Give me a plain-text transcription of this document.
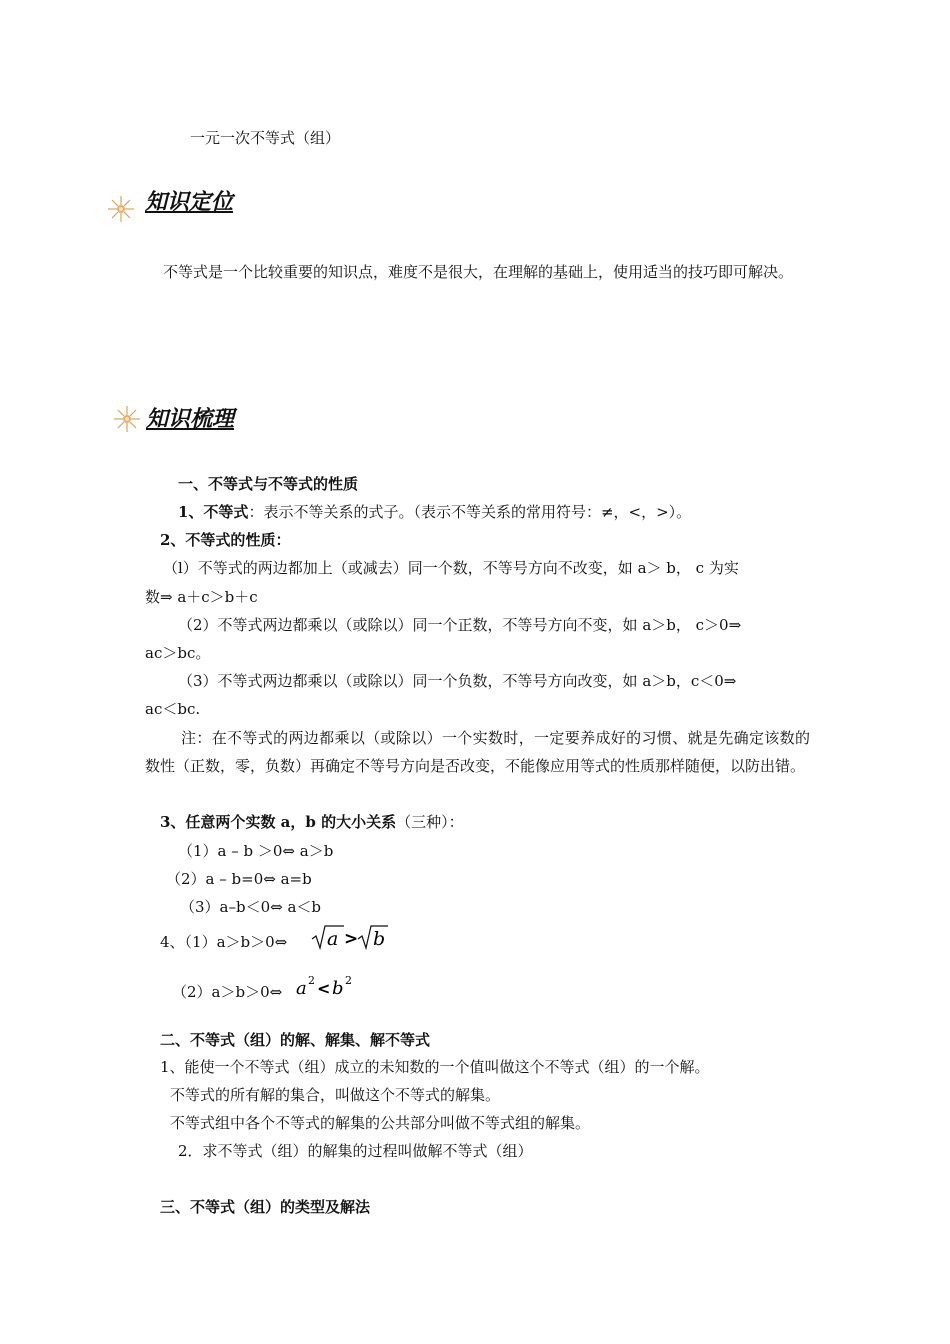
一元一次不等式（组）
知识定位
不等式是一个比较重要的知识点，难度不是很大，在理解的基础上，使用适当的技巧即可解决。
知识梳理
一、不等式与不等式的性质
1、不等式：表示不等关系的式子。（表示不等关系的常用符号：≠，<，>）。
2、不等式的性质：
（l）不等式的两边都加上（或减去）同一个数，不等号方向不改变，如 a＞ b， c 为实
数⇒ a＋c＞b＋c
（2）不等式两边都乘以（或除以）同一个正数，不等号方向不变，如 a＞b， c＞0⇒
ac＞bc。
（3）不等式两边都乘以（或除以）同一个负数，不等号方向改变，如 a＞b，c＜0⇒
ac＜bc.
注：在不等式的两边都乘以（或除以）一个实数时，一定要养成好的习惯、就是先确定该数的数性（正数，零，负数）再确定不等号方向是否改变，不能像应用等式的性质那样随便，以防出错。
3、任意两个实数 a，b 的大小关系（三种）：
（1）a – b ＞0⇔ a＞b
（2）a – b=0⇔ a=b
（3）a–b＜0⇔ a＜b
4、（1）a＞b＞0⇔ a > b
（2）a＞b＞0⇔ a 2 < b 2
二、不等式（组）的解、解集、解不等式
1、能使一个不等式（组）成立的未知数的一个值叫做这个不等式（组）的一个解。
不等式的所有解的集合，叫做这个不等式的解集。
不等式组中各个不等式的解集的公共部分叫做不等式组的解集。
2．求不等式（组）的解集的过程叫做解不等式（组）
三、不等式（组）的类型及解法
